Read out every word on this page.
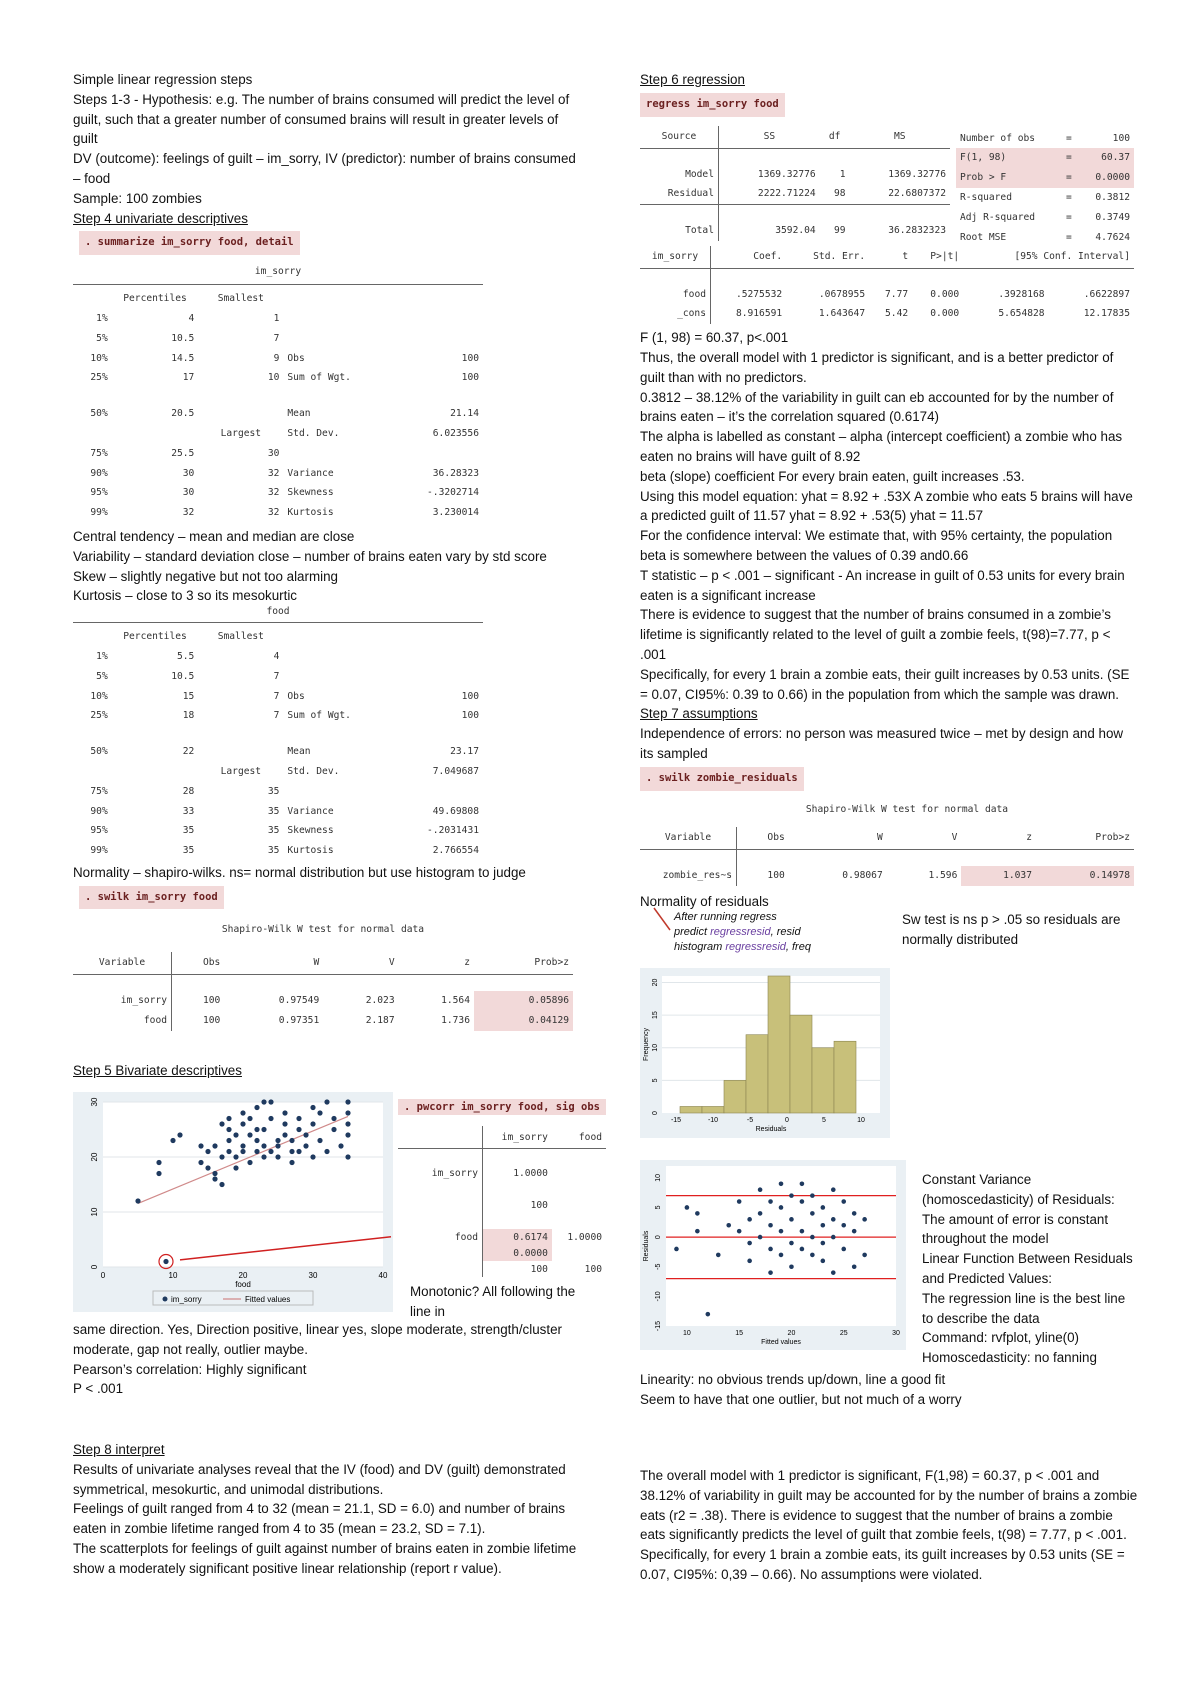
Simple linear regression steps

Steps 1-3 - Hypothesis: e.g. The number of brains consumed will predict the level of guilt, such that a greater number of consumed brains will result in greater levels of guilt

DV (outcome): feelings of guilt – im_sorry, IV (predictor): number of brains consumed – food

Sample: 100 zombies

Step 4 univariate descriptives

. summarize im_sorry food, detail
im_sorry
	Percentiles	Smallest		
1%	4	1		
5%	10.5	7		
10%	14.5	9	Obs	100
25%	17	10	Sum of Wgt.	100

50%	20.5		Mean	21.14
		Largest	Std. Dev.	6.023556
75%	25.5	30		
90%	30	32	Variance	36.28323
95%	30	32	Skewness	-.3202714
99%	32	32	Kurtosis	3.230014

Central tendency – mean and median are close

Variability – standard deviation close – number of brains eaten vary by std score

Skew – slightly negative but not too alarming

Kurtosis – close to 3 so its mesokurtic

food
	Percentiles	Smallest		
1%	5.5	4		
5%	10.5	7		
10%	15	7	Obs	100
25%	18	7	Sum of Wgt.	100

50%	22		Mean	23.17
		Largest	Std. Dev.	7.049687
75%	28	35		
90%	33	35	Variance	49.69808
95%	35	35	Skewness	-.2031431
99%	35	35	Kurtosis	2.766554

Normality – shapiro-wilks. ns= normal distribution but use histogram to judge

. swilk im_sorry food
Shapiro-Wilk W test for normal data
Variable	Obs	W	V	z	Prob>z

im_sorry	100	0.97549	2.023	1.564	0.05896
food	100	0.97351	2.187	1.736	0.04129

Step 5 Bivariate descriptives

30
20
10
0
0	10	20	30	40
food
im_sorry	Fitted values
. pwcorr im_sorry food, sig obs
	im_sorry	food

im_sorry	1.0000	

	100	

food	0.6174	1.0000
	0.0000	
	100	100

Monotonic? All following the line in

same direction. Yes, Direction positive, linear yes, slope moderate, strength/cluster moderate, gap not really, outlier maybe.

Pearson’s correlation: Highly significant

P < .001

Step 8 interpret

Results of univariate analyses reveal that the IV (food) and DV (guilt) demonstrated symmetrical, mesokurtic, and unimodal distributions.

Feelings of guilt ranged from 4 to 32 (mean = 21.1, SD = 6.0) and number of brains eaten in zombie lifetime ranged from 4 to 35 (mean = 23.2, SD = 7.1).

The scatterplots for feelings of guilt against number of brains eaten in zombie lifetime show a moderately significant positive linear relationship (report r value).

Step 6 regression

regress im_sorry food
Source	SS	df	MS

Model	1369.32776	1	1369.32776
Residual	2222.71224	98	22.6807372

Total	3592.04	99	36.2832323
Number of obs	=	100
F(1, 98)	=	60.37
Prob > F	=	0.0000
R-squared	=	0.3812
Adj R-squared	=	0.3749
Root MSE	=	4.7624
im_sorry	Coef.	Std. Err.	t	P>|t|	[95% Conf. Interval]	

food	.5275532	.0678955	7.77	0.000	.3928168	.6622897
_cons	8.916591	1.643647	5.42	0.000	5.654828	12.17835

F (1, 98) = 60.37, p<.001

Thus, the overall model with 1 predictor is significant, and is a better predictor of guilt than with no predictors.

0.3812 – 38.12% of the variability in guilt can eb accounted for by the number of brains eaten – it’s the correlation squared (0.6174)

The alpha is labelled as constant – alpha (intercept coefficient) a zombie who has eaten no brains will have guilt of 8.92

beta (slope) coefficient For every brain eaten, guilt increases .53.

Using this model equation: yhat = 8.92 + .53X A zombie who eats 5 brains will have a predicted guilt of 11.57 yhat = 8.92 + .53(5) yhat = 11.57

For the confidence interval: We estimate that, with 95% certainty, the population beta is somewhere between the values of 0.39 and0.66

T statistic – p < .001 – significant - An increase in guilt of 0.53 units for every brain eaten is a significant increase

There is evidence to suggest that the number of brains consumed in a zombie’s lifetime is significantly related to the level of guilt a zombie feels, t(98)=7.77, p < .001

Specifically, for every 1 brain a zombie eats, their guilt increases by 0.53 units. (SE = 0.07, CI95%: 0.39 to 0.66) in the population from which the sample was drawn.

Step 7 assumptions

Independence of errors: no person was measured twice – met by design and how its sampled

. swilk zombie_residuals
Shapiro-Wilk W test for normal data
Variable	Obs	W	V	z	Prob>z

zombie_res~s	100	0.98067	1.596	1.037	0.14978

Normality of residuals

After running regress
predict regressresid, resid
histogram regressresid, freq

Sw test is ns p > .05 so residuals are normally distributed

20
15
10
5
0
-15	-10	-5	0	5	10
Residuals
Frequency
10
5
0
-5
-10
-15
10	15	20	25	30
Fitted values
Residuals

Constant Variance (homoscedasticity) of Residuals:

The amount of error is constant throughout the model

Linear Function Between Residuals and Predicted Values:

The regression line is the best line to describe the data

Command: rvfplot, yline(0)

Homoscedasticity: no fanning

Linearity: no obvious trends up/down, line a good fit

Seem to have that one outlier, but not much of a worry

The overall model with 1 predictor is significant, F(1,98) = 60.37, p < .001 and 38.12% of variability in guilt may be accounted for by the number of brains a zombie eats (r2 = .38). There is evidence to suggest that the number of brains a zombie eats significantly predicts the level of guilt that zombie feels, t(98) = 7.77, p < .001. Specifically, for every 1 brain a zombie eats, its guilt increases by 0.53 units (SE = 0.07, CI95%: 0,39 – 0.66). No assumptions were violated.
